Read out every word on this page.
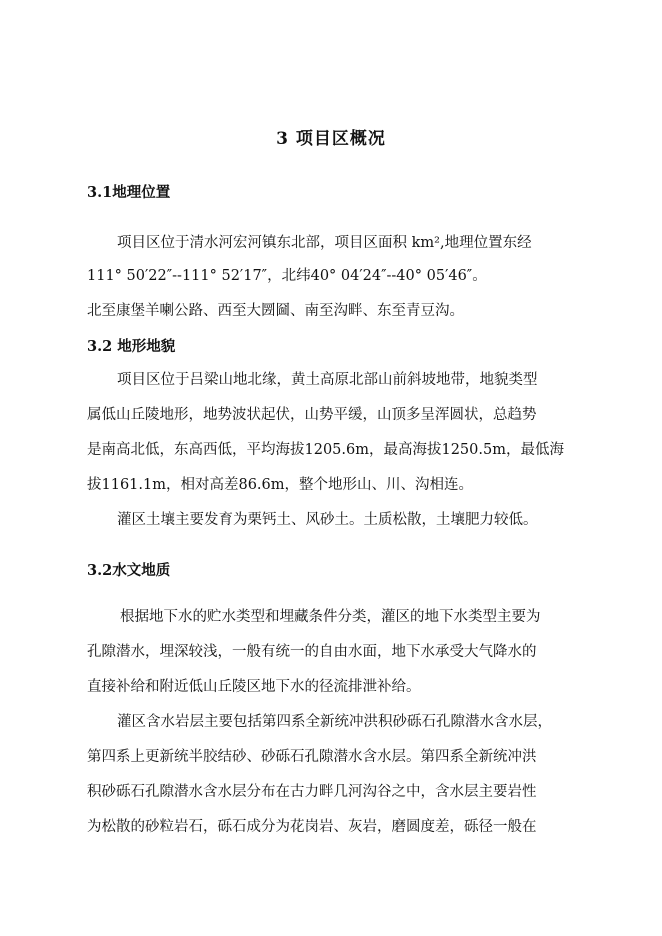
3 项目区概况
3.1地理位置
项目区位于清水河宏河镇东北部，项目区面积 km²,地理位置东经
111° 50′22″--111° 52′17″，北纬40° 04′24″--40° 05′46″。
北至康堡羊喇公路、西至大圐圙、南至沟畔、东至青豆沟。
3.2 地形地貌
项目区位于吕梁山地北缘，黄土高原北部山前斜坡地带，地貌类型
属低山丘陵地形，地势波状起伏，山势平缓，山顶多呈浑圆状，总趋势
是南高北低，东高西低，平均海拔1205.6m，最高海拔1250.5m，最低海
拔1161.1m，相对高差86.6m，整个地形山、川、沟相连。
灌区土壤主要发育为栗钙土、风砂土。土质松散，土壤肥力较低。
3.2水文地质
根据地下水的贮水类型和埋藏条件分类，灌区的地下水类型主要为
孔隙潜水，埋深较浅，一般有统一的自由水面，地下水承受大气降水的
直接补给和附近低山丘陵区地下水的径流排泄补给。
灌区含水岩层主要包括第四系全新统冲洪积砂砾石孔隙潜水含水层，
第四系上更新统半胶结砂、砂砾石孔隙潜水含水层。第四系全新统冲洪
积砂砾石孔隙潜水含水层分布在古力畔几河沟谷之中，含水层主要岩性
为松散的砂粒岩石，砾石成分为花岗岩、灰岩，磨圆度差，砾径一般在
